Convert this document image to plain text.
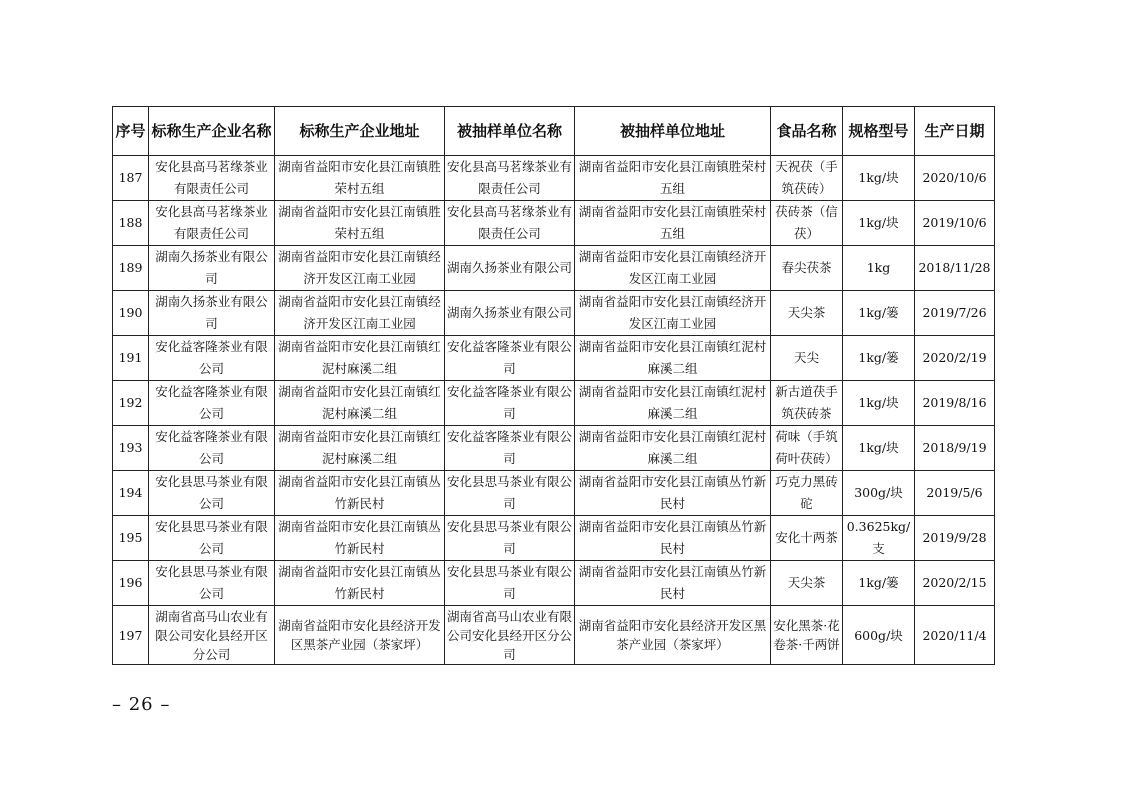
序号	标称生产企业名称	标称生产企业地址	被抽样单位名称	被抽样单位地址	食品名称	规格型号	生产日期
187	安化县高马茗缘茶业有限责任公司	湖南省益阳市安化县江南镇胜荣村五组	安化县高马茗缘茶业有限责任公司	湖南省益阳市安化县江南镇胜荣村五组	天祝茯（手筑茯砖）	1kg/块	2020/10/6
188	安化县高马茗缘茶业有限责任公司	湖南省益阳市安化县江南镇胜荣村五组	安化县高马茗缘茶业有限责任公司	湖南省益阳市安化县江南镇胜荣村五组	茯砖茶（信茯）	1kg/块	2019/10/6
189	湖南久扬茶业有限公司	湖南省益阳市安化县江南镇经济开发区江南工业园	湖南久扬茶业有限公司	湖南省益阳市安化县江南镇经济开发区江南工业园	春尖茯茶	1kg	2018/11/28
190	湖南久扬茶业有限公司	湖南省益阳市安化县江南镇经济开发区江南工业园	湖南久扬茶业有限公司	湖南省益阳市安化县江南镇经济开发区江南工业园	天尖茶	1kg/篓	2019/7/26
191	安化益客隆茶业有限公司	湖南省益阳市安化县江南镇红泥村麻溪二组	安化益客隆茶业有限公司	湖南省益阳市安化县江南镇红泥村麻溪二组	天尖	1kg/篓	2020/2/19
192	安化益客隆茶业有限公司	湖南省益阳市安化县江南镇红泥村麻溪二组	安化益客隆茶业有限公司	湖南省益阳市安化县江南镇红泥村麻溪二组	新古道茯手筑茯砖茶	1kg/块	2019/8/16
193	安化益客隆茶业有限公司	湖南省益阳市安化县江南镇红泥村麻溪二组	安化益客隆茶业有限公司	湖南省益阳市安化县江南镇红泥村麻溪二组	荷味（手筑荷叶茯砖）	1kg/块	2018/9/19
194	安化县思马茶业有限公司	湖南省益阳市安化县江南镇丛竹新民村	安化县思马茶业有限公司	湖南省益阳市安化县江南镇丛竹新民村	巧克力黑砖砣	300g/块	2019/5/6
195	安化县思马茶业有限公司	湖南省益阳市安化县江南镇丛竹新民村	安化县思马茶业有限公司	湖南省益阳市安化县江南镇丛竹新民村	安化十两茶	0.3625kg/支	2019/9/28
196	安化县思马茶业有限公司	湖南省益阳市安化县江南镇丛竹新民村	安化县思马茶业有限公司	湖南省益阳市安化县江南镇丛竹新民村	天尖茶	1kg/篓	2020/2/15
197	湖南省高马山农业有限公司安化县经开区分公司	湖南省益阳市安化县经济开发区黑茶产业园（茶家坪）	湖南省高马山农业有限公司安化县经开区分公司	湖南省益阳市安化县经济开发区黑茶产业园（茶家坪）	安化黑茶·花卷茶·千两饼	600g/块	2020/11/4
– 26 –
